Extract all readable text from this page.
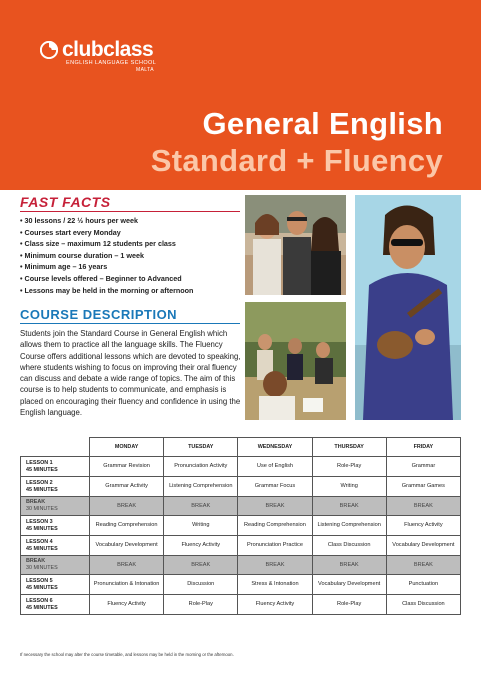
clubclass
ENGLISH LANGUAGE SCHOOL
MALTA
General English
Standard + Fluency
FAST FACTS
• 30 lessons / 22 ½ hours per week
• Courses start every Monday
• Class size – maximum 12 students per class
• Minimum course duration – 1 week
• Minimum age – 16 years
• Course levels offered – Beginner to Advanced
• Lessons may be held in the morning or afternoon
COURSE DESCRIPTION
Students join the Standard Course in General English which allows them to practice all the language skills. The Fluency Course offers additional lessons which are devoted to speaking, where students wishing to focus on improving their oral fluency can discuss and debate a wide range of topics. The aim of this course is to help students to communicate, and emphasis is placed on encouraging their fluency and confidence in using the English language.
	MONDAY	TUESDAY	WEDNESDAY	THURSDAY	FRIDAY
LESSON 1
45 MINUTES	Grammar Revision	Pronunciation Activity	Use of English	Role-Play	Grammar
LESSON 2
45 MINUTES	Grammar Activity	Listening Comprehension	Grammar Focus	Writing	Grammar Games
BREAK
30 MINUTES	BREAK	BREAK	BREAK	BREAK	BREAK
LESSON 3
45 MINUTES	Reading Comprehension	Writing	Reading Comprehension	Listening Comprehension	Fluency Activity
LESSON 4
45 MINUTES	Vocabulary Development	Fluency Activity	Pronunciation Practice	Class Discussion	Vocabulary Development
BREAK
30 MINUTES	BREAK	BREAK	BREAK	BREAK	BREAK
LESSON 5
45 MINUTES	Pronunciation & Intonation	Discussion	Stress & Intonation	Vocabulary Development	Punctuation
LESSON 6
45 MINUTES	Fluency Activity	Role-Play	Fluency Activity	Role-Play	Class Discussion
If necessary the school may alter the course timetable, and lessons may be held in the morning or the afternoon.
